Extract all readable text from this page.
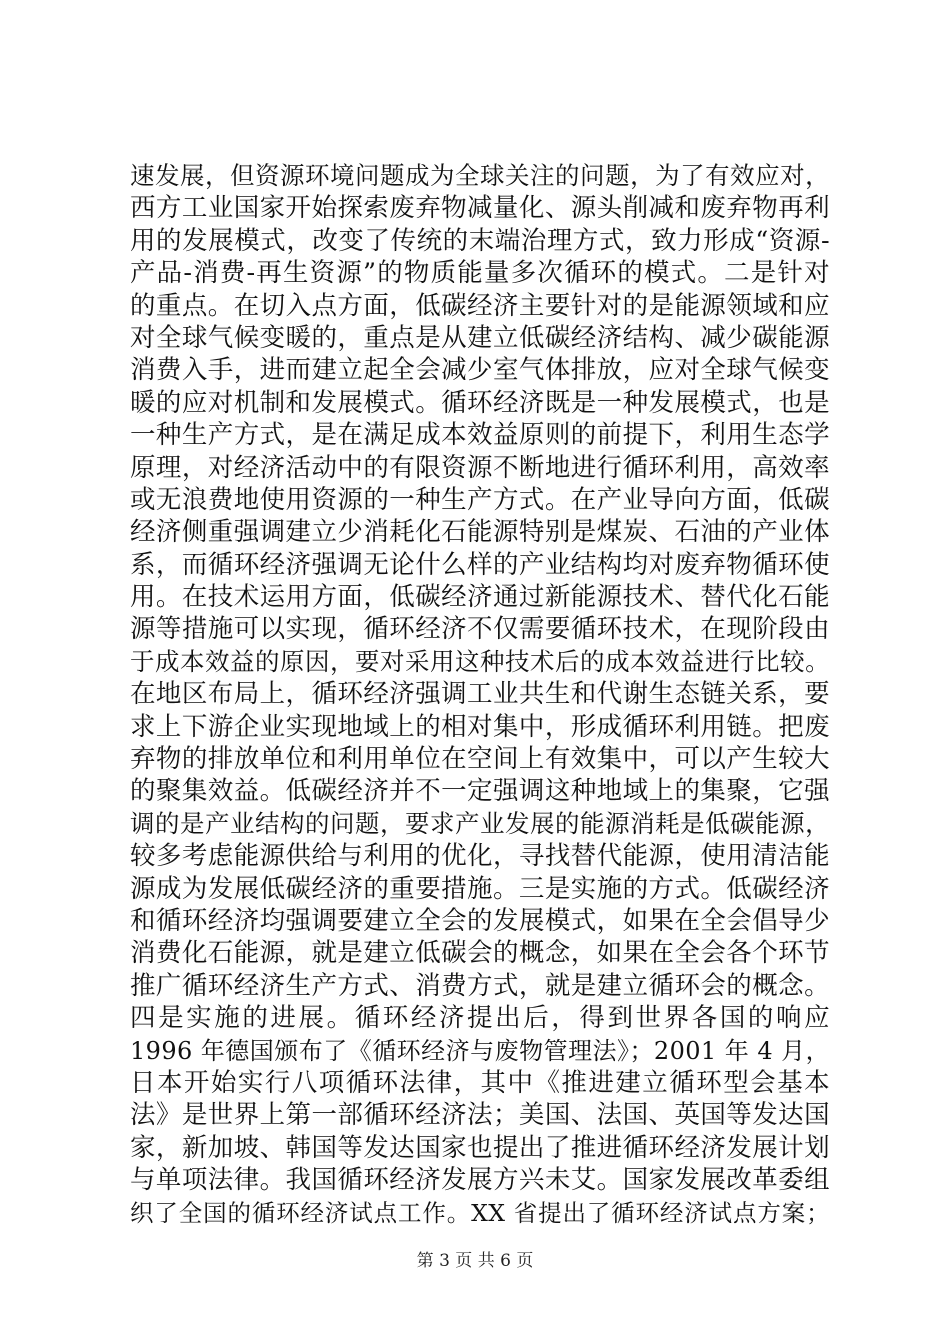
速发展，但资源环境问题成为全球关注的问题，为了有效应对，
西方工业国家开始探索废弃物减量化、源头削减和废弃物再利
用的发展模式，改变了传统的末端治理方式，致力形成“资源-
产品-消费-再生资源”的物质能量多次循环的模式。二是针对
的重点。在切入点方面，低碳经济主要针对的是能源领域和应
对全球气候变暖的，重点是从建立低碳经济结构、减少碳能源
消费入手，进而建立起全会减少室气体排放，应对全球气候变
暖的应对机制和发展模式。循环经济既是一种发展模式，也是
一种生产方式，是在满足成本效益原则的前提下，利用生态学
原理，对经济活动中的有限资源不断地进行循环利用，高效率
或无浪费地使用资源的一种生产方式。在产业导向方面，低碳
经济侧重强调建立少消耗化石能源特别是煤炭、石油的产业体
系，而循环经济强调无论什么样的产业结构均对废弃物循环使
用。在技术运用方面，低碳经济通过新能源技术、替代化石能
源等措施可以实现，循环经济不仅需要循环技术，在现阶段由
于成本效益的原因，要对采用这种技术后的成本效益进行比较。
在地区布局上，循环经济强调工业共生和代谢生态链关系，要
求上下游企业实现地域上的相对集中，形成循环利用链。把废
弃物的排放单位和利用单位在空间上有效集中，可以产生较大
的聚集效益。低碳经济并不一定强调这种地域上的集聚，它强
调的是产业结构的问题，要求产业发展的能源消耗是低碳能源，
较多考虑能源供给与利用的优化，寻找替代能源，使用清洁能
源成为发展低碳经济的重要措施。三是实施的方式。低碳经济
和循环经济均强调要建立全会的发展模式，如果在全会倡导少
消费化石能源，就是建立低碳会的概念，如果在全会各个环节
推广循环经济生产方式、消费方式，就是建立循环会的概念。
四是实施的进展。循环经济提出后，得到世界各国的响应
1996 年德国颁布了《循环经济与废物管理法》；2001 年 4 月，
日本开始实行八项循环法律，其中《推进建立循环型会基本
法》是世界上第一部循环经济法；美国、法国、英国等发达国
家，新加坡、韩国等发达国家也提出了推进循环经济发展计划
与单项法律。我国循环经济发展方兴未艾。国家发展改革委组
织了全国的循环经济试点工作。XX 省提出了循环经济试点方案；
第 3 页 共 6 页
